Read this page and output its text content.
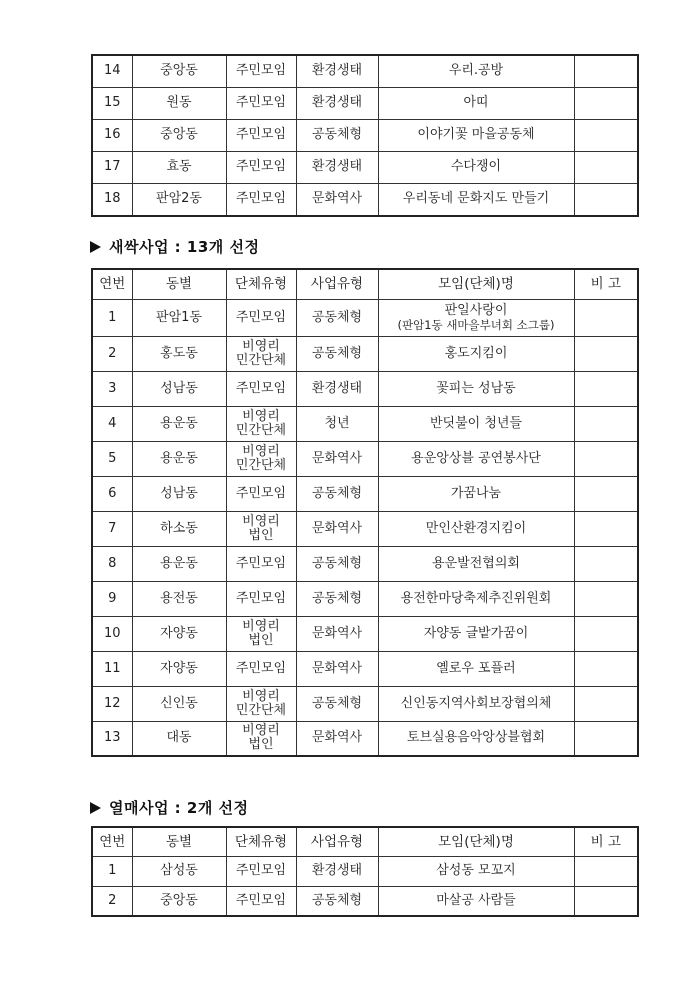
14	중앙동	주민모임	환경생태	우리.공방	
15	원동	주민모임	환경생태	아띠	
16	중앙동	주민모임	공동체형	이야기꽃 마을공동체	
17	효동	주민모임	환경생태	수다쟁이	
18	판암2동	주민모임	문화역사	우리동네 문화지도 만들기	
새싹사업 : 13개 선정
연번	동별	단체유형	사업유형	모임(단체)명	비 고
1	판암1동	주민모임	공동체형	판일사랑이
(판암1동 새마을부녀회 소그룹)	

2	홍도동	비영리
민간단체	공동체형	홍도지킴이	
3	성남동	주민모임	환경생태	꽃피는 성남동	
4	용운동	비영리
민간단체	청년	반딧불이 청년들	
5	용운동	비영리
민간단체	문화역사	용운앙상블 공연봉사단	
6	성남동	주민모임	공동체형	가꿈나눔	
7	하소동	비영리
법인	문화역사	만인산환경지킴이	
8	용운동	주민모임	공동체형	용운발전협의회	
9	용전동	주민모임	공동체형	용전한마당축제추진위원회	
10	자양동	비영리
법인	문화역사	자양동 글밭가꿈이	
11	자양동	주민모임	문화역사	옐로우 포플러	
12	신인동	비영리
민간단체	공동체형	신인동지역사회보장협의체	
13	대동	비영리
법인	문화역사	토브실용음악앙상블협회	
열매사업 : 2개 선정
연번	동별	단체유형	사업유형	모임(단체)명	비 고
1	삼성동	주민모임	환경생태	삼성동 모꼬지	
2	중앙동	주민모임	공동체형	마살공 사람들	
